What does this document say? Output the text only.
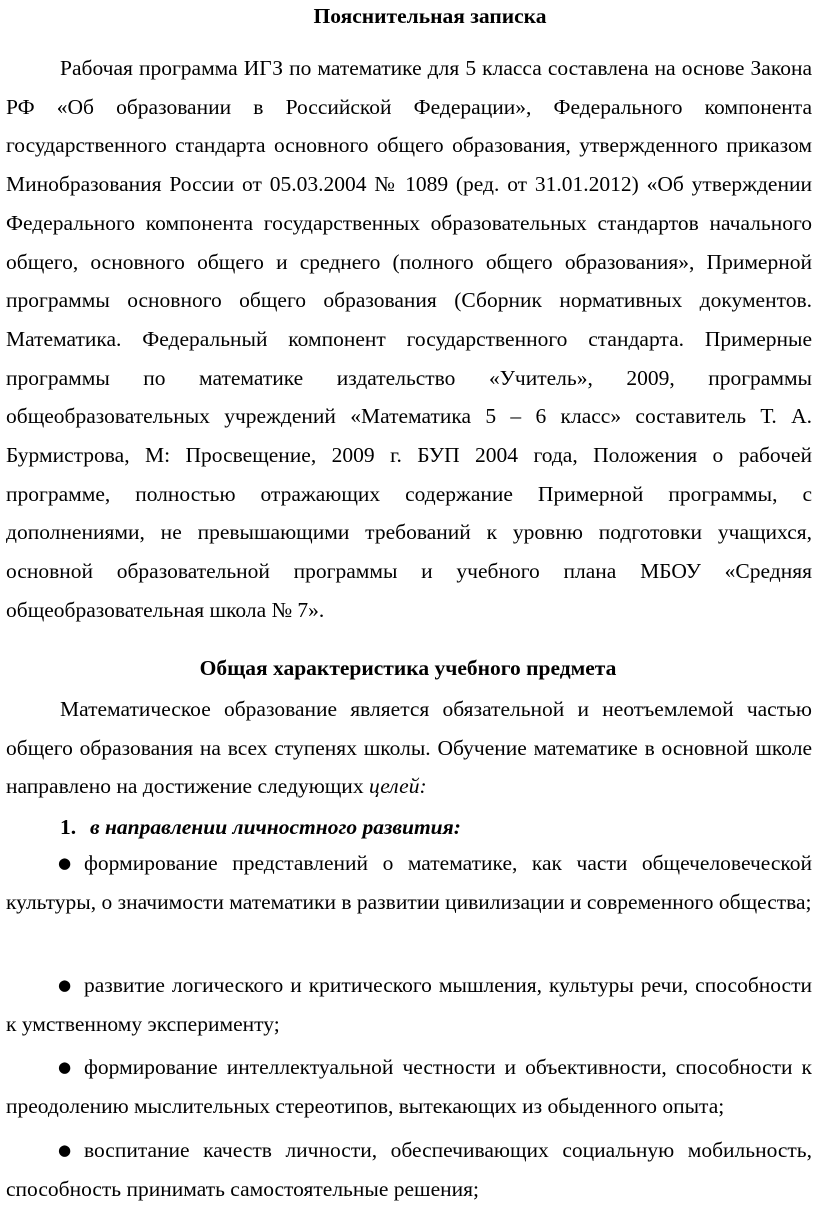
Пояснительная записка

Рабочая программа ИГЗ по математике для 5 класса составлена на основе Закона РФ «Об образовании в Российской Федерации», Федерального компонента государственного стандарта основного общего образования, утвержденного приказом Минобразования России от 05.03.2004 № 1089 (ред. от 31.01.2012) «Об утверждении Федерального компонента государственных образовательных стандартов начального общего, основного общего и среднего (полного общего образования», Примерной программы основного общего образования (Сборник нормативных документов. Математика. Федеральный компонент государственного стандарта. Примерные программы по математике издательство «Учитель», 2009, программы общеобразовательных учреждений «Математика 5 – 6 класс» составитель Т. А. Бурмистрова, М: Просвещение, 2009 г. БУП 2004 года, Положения о рабочей программе, полностью отражающих содержание Примерной программы, с дополнениями, не превышающими требований к уровню подготовки учащихся, основной образовательной программы и учебного плана МБОУ «Средняя общеобразовательная школа № 7».

Общая характеристика учебного предмета

Математическое образование является обязательной и неотъемлемой частью общего образования на всех ступенях школы. Обучение математике в основной школе направлено на достижение следующих целей:

1. в направлении личностного развития:

● формирование представлений о математике, как части общечеловеческой культуры, о значимости математики в развитии цивилизации и современного общества;

● развитие логического и критического мышления, культуры речи, способности к умственному эксперименту;

● формирование интеллектуальной честности и объективности, способности к преодолению мыслительных стереотипов, вытекающих из обыденного опыта;

● воспитание качеств личности, обеспечивающих социальную мобильность, способность принимать самостоятельные решения;
